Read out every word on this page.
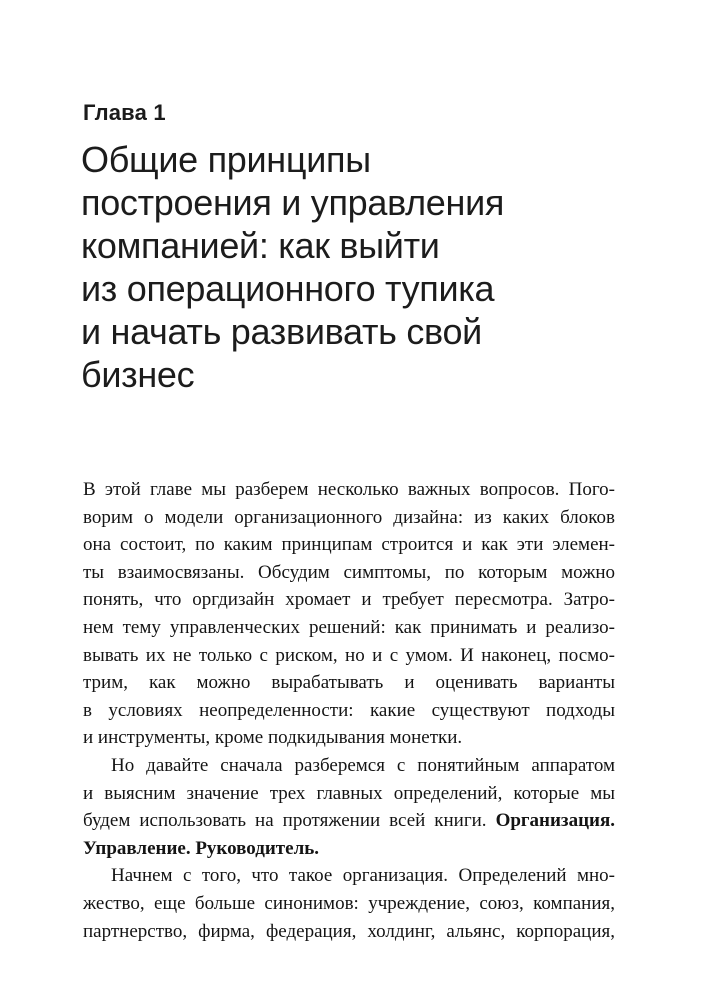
Глава 1
Общие принципы
построения и управления
компанией: как выйти
из операционного тупика
и начать развивать свой
бизнес
В этой главе мы разберем несколько важных вопросов. Пого-
ворим о модели организационного дизайна: из каких блоков
она состоит, по каким принципам строится и как эти элемен-
ты взаимосвязаны. Обсудим симптомы, по которым можно
понять, что оргдизайн хромает и требует пересмотра. Затро-
нем тему управленческих решений: как принимать и реализо-
вывать их не только с риском, но и с умом. И наконец, посмо-
трим, как можно вырабатывать и оценивать варианты
в условиях неопределенности: какие существуют подходы
и инструменты, кроме подкидывания монетки.
Но давайте сначала разберемся с понятийным аппаратом
и выясним значение трех главных определений, которые мы
будем использовать на протяжении всей книги. Организация.
Управление. Руководитель.
Начнем с того, что такое организация. Определений мно-
жество, еще больше синонимов: учреждение, союз, компания,
партнерство, фирма, федерация, холдинг, альянс, корпорация,
